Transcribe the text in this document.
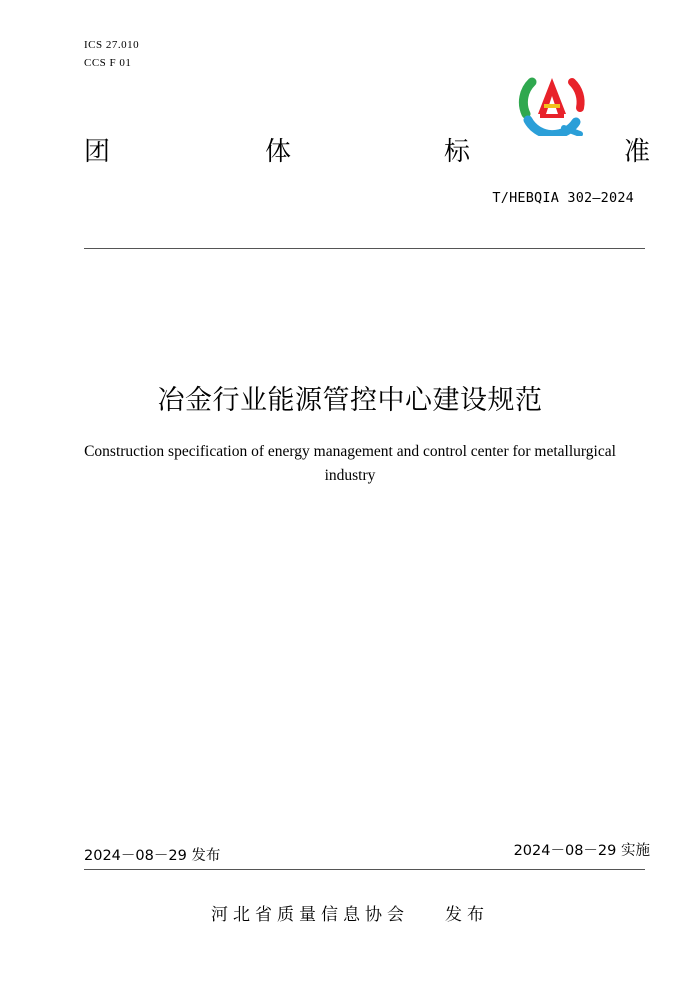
ICS 27.010
CCS F 01
团	体	标	准
T/HEBQIA 302—2024
冶金行业能源管控中心建设规范
Construction specification of energy management and control center for metallurgical industry
2024－08－29 发布	2024－08－29 实施
河北省质量信息协会 发布
